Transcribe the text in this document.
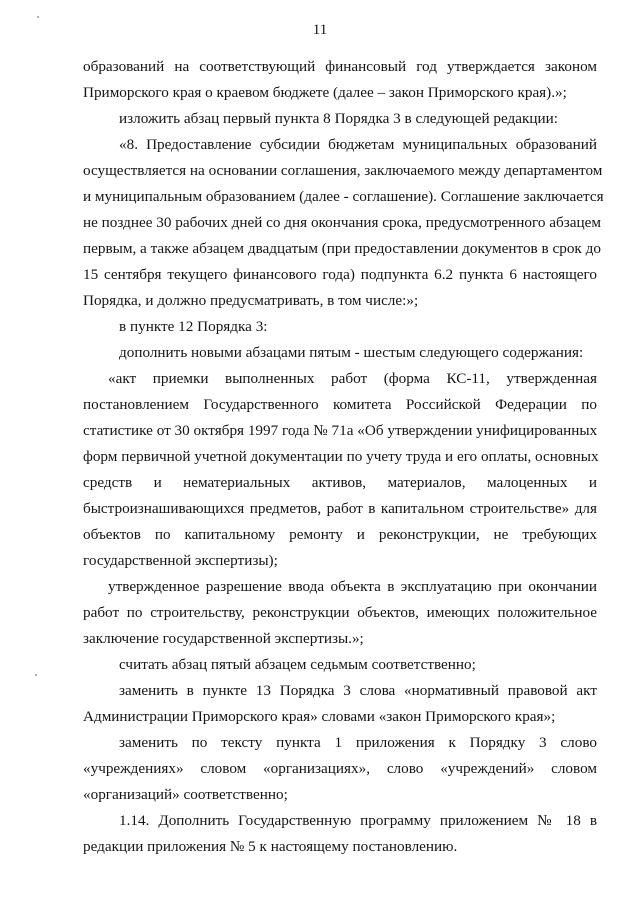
11
образований на соответствующий финансовый год утверждается законом
Приморского края о краевом бюджете (далее – закон Приморского края).»;
изложить абзац первый пункта 8 Порядка 3 в следующей редакции:
«8. Предоставление субсидии бюджетам муниципальных образований
осуществляется на основании соглашения, заключаемого между департаментом
и муниципальным образованием (далее - соглашение). Соглашение заключается
не позднее 30 рабочих дней со дня окончания срока, предусмотренного абзацем
первым, а также абзацем двадцатым (при предоставлении документов в срок до
15 сентября текущего финансового года) подпункта 6.2 пункта 6 настоящего
Порядка, и должно предусматривать, в том числе:»;
в пункте 12 Порядка 3:
дополнить новыми абзацами пятым - шестым следующего содержания:
«акт приемки выполненных работ (форма КС-11, утвержденная
постановлением Государственного комитета Российской Федерации по
статистике от 30 октября 1997 года № 71а «Об утверждении унифицированных
форм первичной учетной документации по учету труда и его оплаты, основных
средств и нематериальных активов, материалов, малоценных и
быстроизнашивающихся предметов, работ в капитальном строительстве» для
объектов по капитальному ремонту и реконструкции, не требующих
государственной экспертизы);
утвержденное разрешение ввода объекта в эксплуатацию при окончании
работ по строительству, реконструкции объектов, имеющих положительное
заключение государственной экспертизы.»;
считать абзац пятый абзацем седьмым соответственно;
заменить в пункте 13 Порядка 3 слова «нормативный правовой акт
Администрации Приморского края» словами «закон Приморского края»;
заменить по тексту пункта 1 приложения к Порядку 3 слово
«учреждениях» словом «организациях», слово «учреждений» словом
«организаций» соответственно;
1.14. Дополнить Государственную программу приложением № 18 в
редакции приложения № 5 к настоящему постановлению.
